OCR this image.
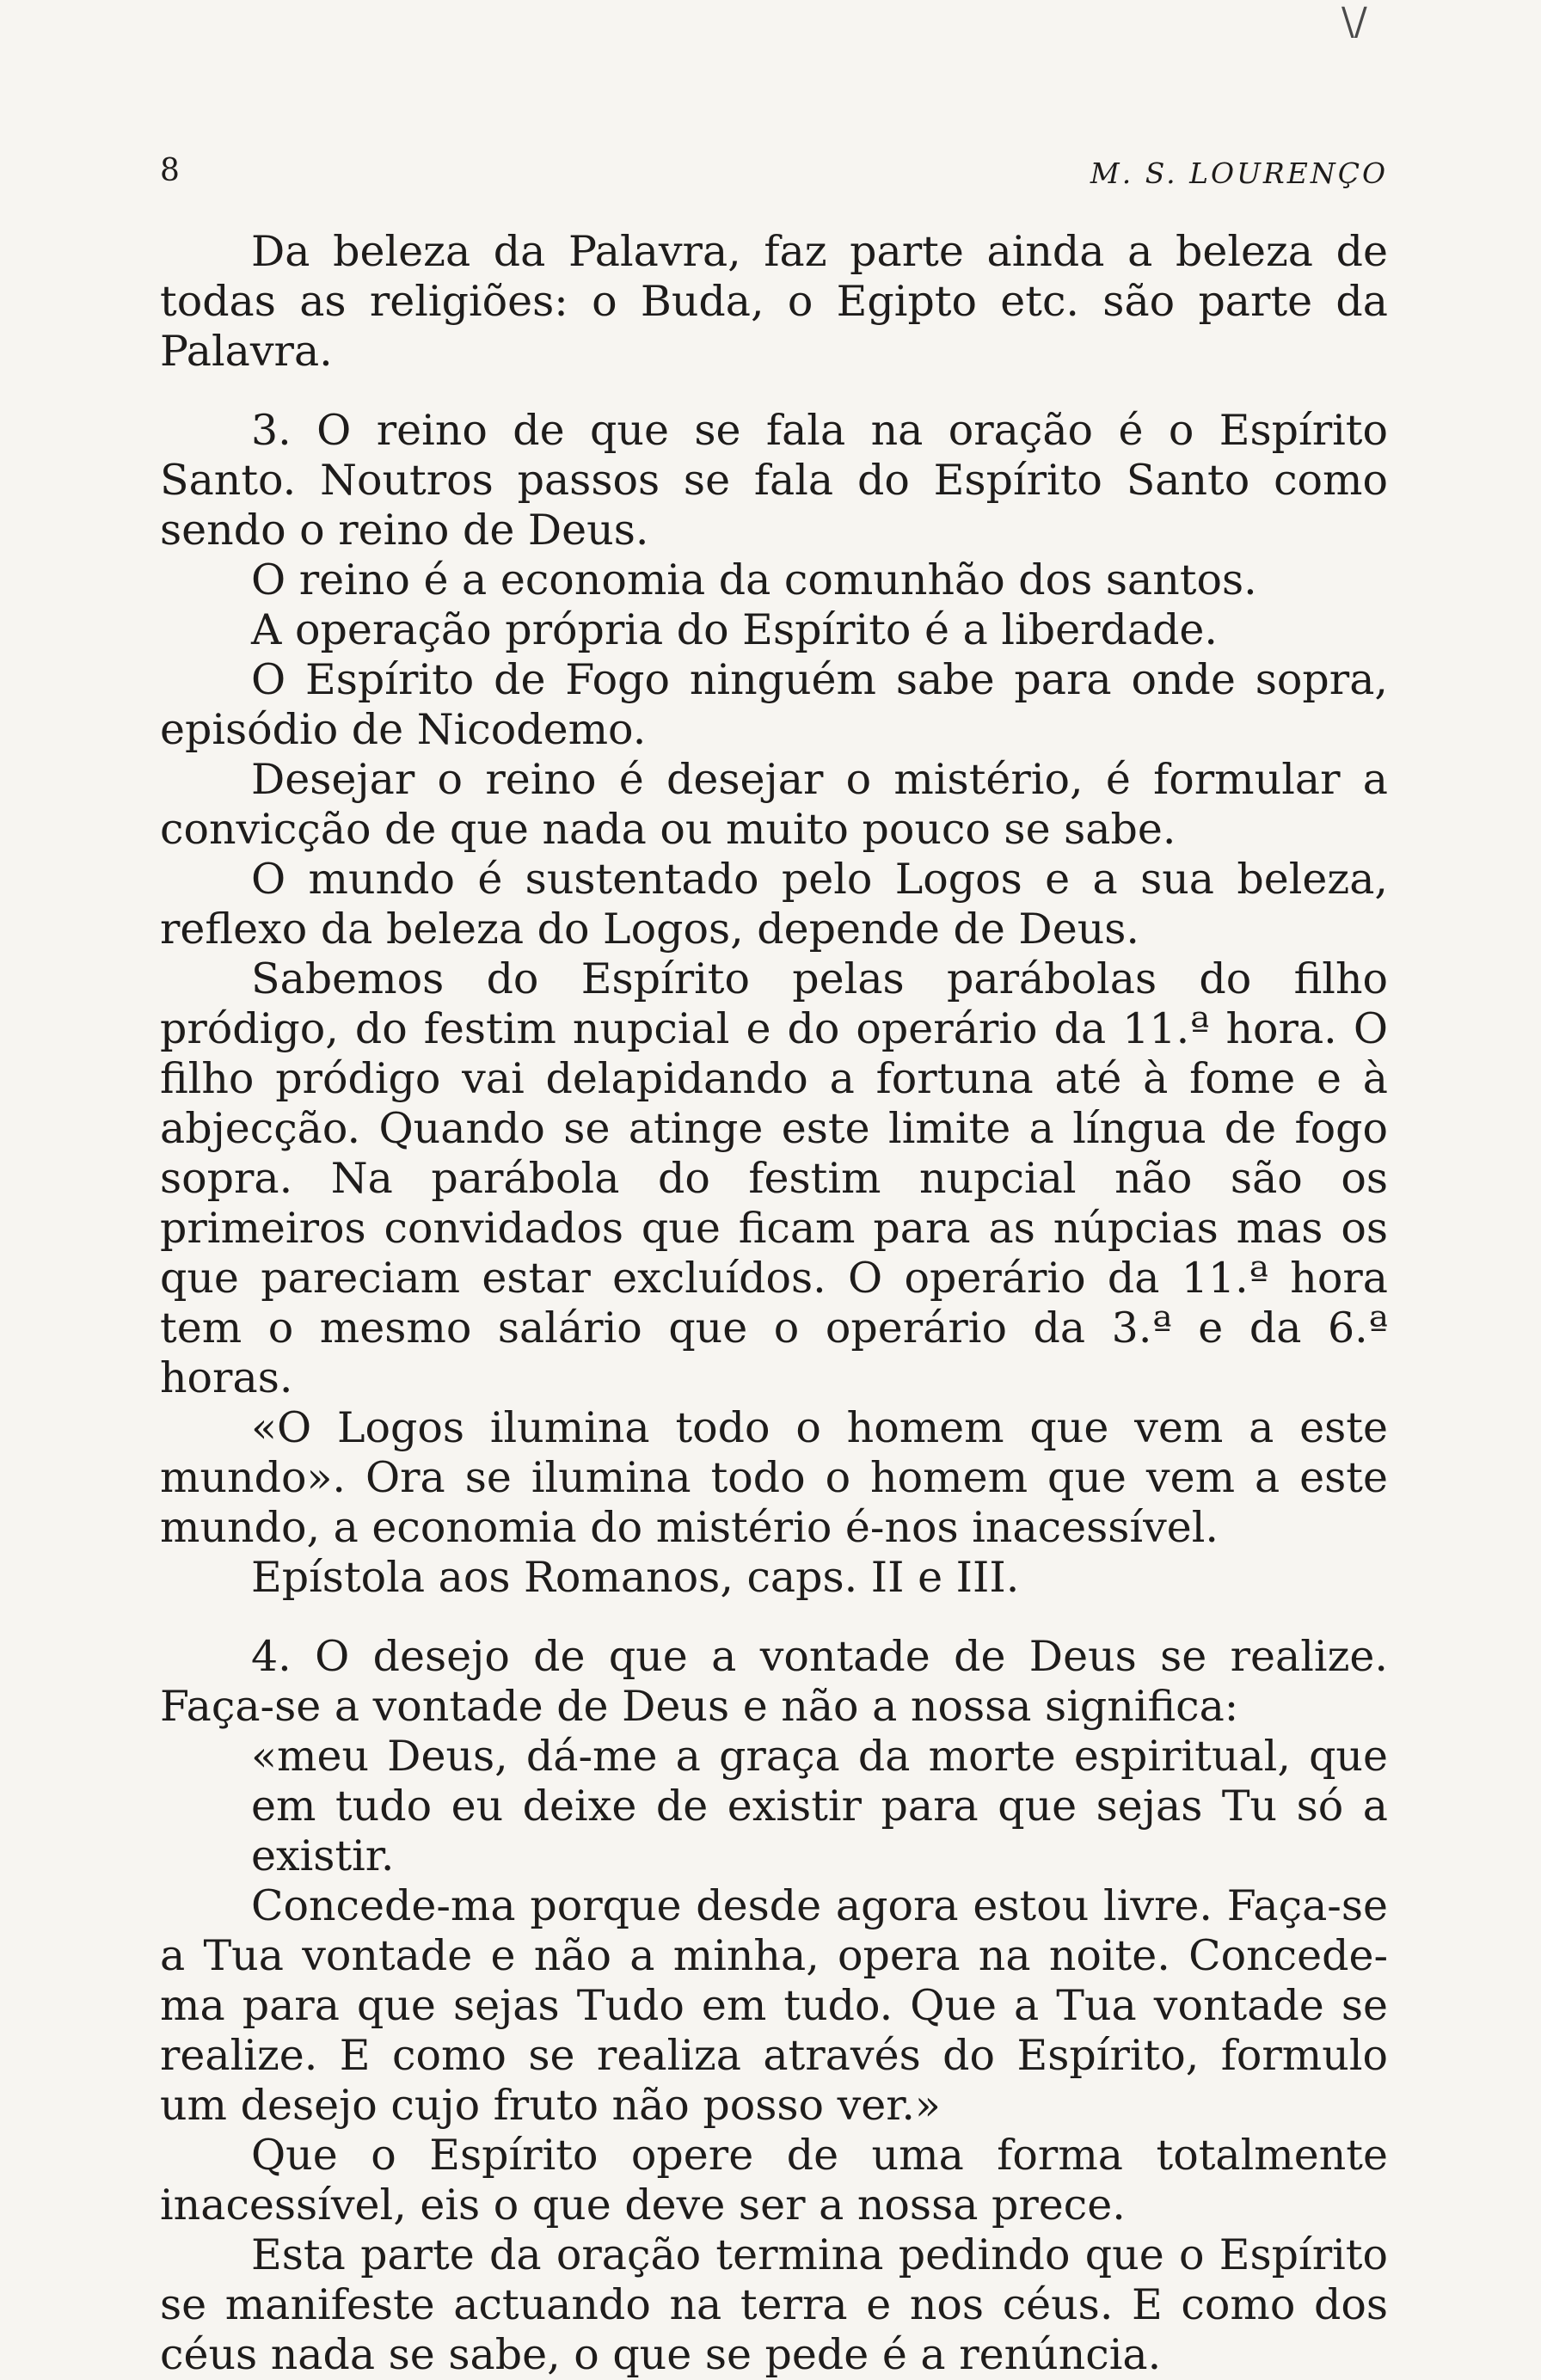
\/
8	M. S. LOURENÇO

Da beleza da Palavra, faz parte ainda a beleza de todas as religiões: o Buda, o Egipto etc. são parte da Palavra.

3. O reino de que se fala na oração é o Espírito Santo. Noutros passos se fala do Espírito Santo como sendo o reino de Deus.

O reino é a economia da comunhão dos santos.

A operação própria do Espírito é a liberdade.

O Espírito de Fogo ninguém sabe para onde sopra, episódio de Nicodemo.

Desejar o reino é desejar o mistério, é formular a convicção de que nada ou muito pouco se sabe.

O mundo é sustentado pelo Logos e a sua beleza, reflexo da beleza do Logos, depende de Deus.

Sabemos do Espírito pelas parábolas do filho pródigo, do festim nupcial e do operário da 11.ª hora. O filho pródigo vai delapidando a fortuna até à fome e à abjecção. Quando se atinge este limite a língua de fogo sopra. Na parábola do festim nupcial não são os primeiros convidados que ficam para as núpcias mas os que pareciam estar excluídos. O operário da 11.ª hora tem o mesmo salário que o operário da 3.ª e da 6.ª horas.

«O Logos ilumina todo o homem que vem a este mundo». Ora se ilumina todo o homem que vem a este mundo, a economia do mistério é-nos inacessível.

Epístola aos Romanos, caps. II e III.

4. O desejo de que a vontade de Deus se realize. Faça-se a vontade de Deus e não a nossa significa:

«meu Deus, dá-me a graça da morte espiritual, que em tudo eu deixe de existir para que sejas Tu só a existir.

Concede-ma porque desde agora estou livre. Faça-se a Tua vontade e não a minha, opera na noite. Concede-ma para que sejas Tudo em tudo. Que a Tua vontade se realize. E como se realiza através do Espírito, formulo um desejo cujo fruto não posso ver.»

Que o Espírito opere de uma forma totalmente inacessível, eis o que deve ser a nossa prece.

Esta parte da oração termina pedindo que o Espírito se manifeste actuando na terra e nos céus. E como dos céus nada se sabe, o que se pede é a renúncia.
